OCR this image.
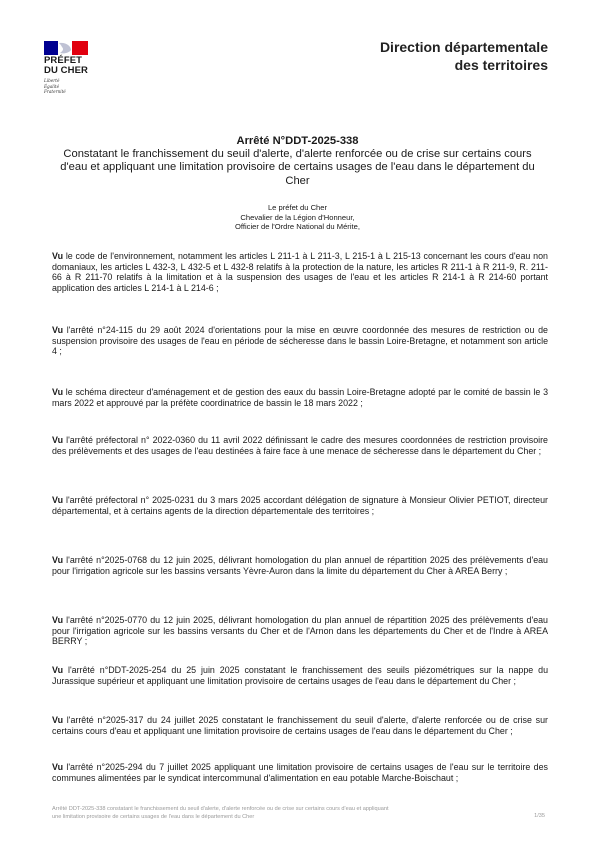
PRÉFET
DU CHER
Liberté
Égalité
Fraternité
Direction départementale
des territoires
Arrêté N°DDT-2025-338
Constatant le franchissement du seuil d'alerte, d'alerte renforcée ou de crise sur certains cours d'eau et appliquant une limitation provisoire de certains usages de l'eau dans le département du Cher
Le préfet du Cher
Chevalier de la Légion d'Honneur,
Officier de l'Ordre National du Mérite,
Vu le code de l'environnement, notamment les articles L 211-1 à L 211-3, L 215-1 à L 215-13 concernant les cours d'eau non domaniaux, les articles L 432-3, L 432-5 et L 432-8 relatifs à la protection de la nature, les articles R 211-1 à R 211-9, R. 211-66 à R 211-70 relatifs à la limitation et à la suspension des usages de l'eau et les articles R 214-1 à R 214-60 portant application des articles L 214-1 à L 214-6 ;
Vu l'arrêté n°24-115 du 29 août 2024 d'orientations pour la mise en œuvre coordonnée des mesures de restriction ou de suspension provisoire des usages de l'eau en période de sécheresse dans le bassin Loire-Bretagne, et notamment son article 4 ;
Vu le schéma directeur d'aménagement et de gestion des eaux du bassin Loire-Bretagne adopté par le comité de bassin le 3 mars 2022 et approuvé par la préfète coordinatrice de bassin le 18 mars 2022 ;
Vu l'arrêté préfectoral n° 2022-0360 du 11 avril 2022 définissant le cadre des mesures coordonnées de restriction provisoire des prélèvements et des usages de l'eau destinées à faire face à une menace de sécheresse dans le département du Cher ;
Vu l'arrêté préfectoral n° 2025-0231 du 3 mars 2025 accordant délégation de signature à Monsieur Olivier PETIOT, directeur départemental, et à certains agents de la direction départementale des territoires ;
Vu l'arrêté n°2025-0768 du 12 juin 2025, délivrant homologation du plan annuel de répartition 2025 des prélèvements d'eau pour l'irrigation agricole sur les bassins versants Yèvre-Auron dans la limite du département du Cher à AREA Berry ;
Vu l'arrêté n°2025-0770 du 12 juin 2025, délivrant homologation du plan annuel de répartition 2025 des prélèvements d'eau pour l'irrigation agricole sur les bassins versants du Cher et de l'Arnon dans les départements du Cher et de l'Indre à AREA BERRY ;
Vu l'arrêté n°DDT-2025-254 du 25 juin 2025 constatant le franchissement des seuils piézométriques sur la nappe du Jurassique supérieur et appliquant une limitation provisoire de certains usages de l'eau dans le département du Cher ;
Vu l'arrêté n°2025-317 du 24 juillet 2025 constatant le franchissement du seuil d'alerte, d'alerte renforcée ou de crise sur certains cours d'eau et appliquant une limitation provisoire de certains usages de l'eau dans le département du Cher ;
Vu l'arrêté n°2025-294 du 7 juillet 2025 appliquant une limitation provisoire de certains usages de l'eau sur le territoire des communes alimentées par le syndicat intercommunal d'alimentation en eau potable Marche-Boischaut ;
Arrêté DDT-2025-338 constatant le franchissement du seuil d'alerte, d'alerte renforcée ou de crise sur certains cours d'eau et appliquant
une limitation provisoire de certains usages de l'eau dans le département du Cher	1/35
